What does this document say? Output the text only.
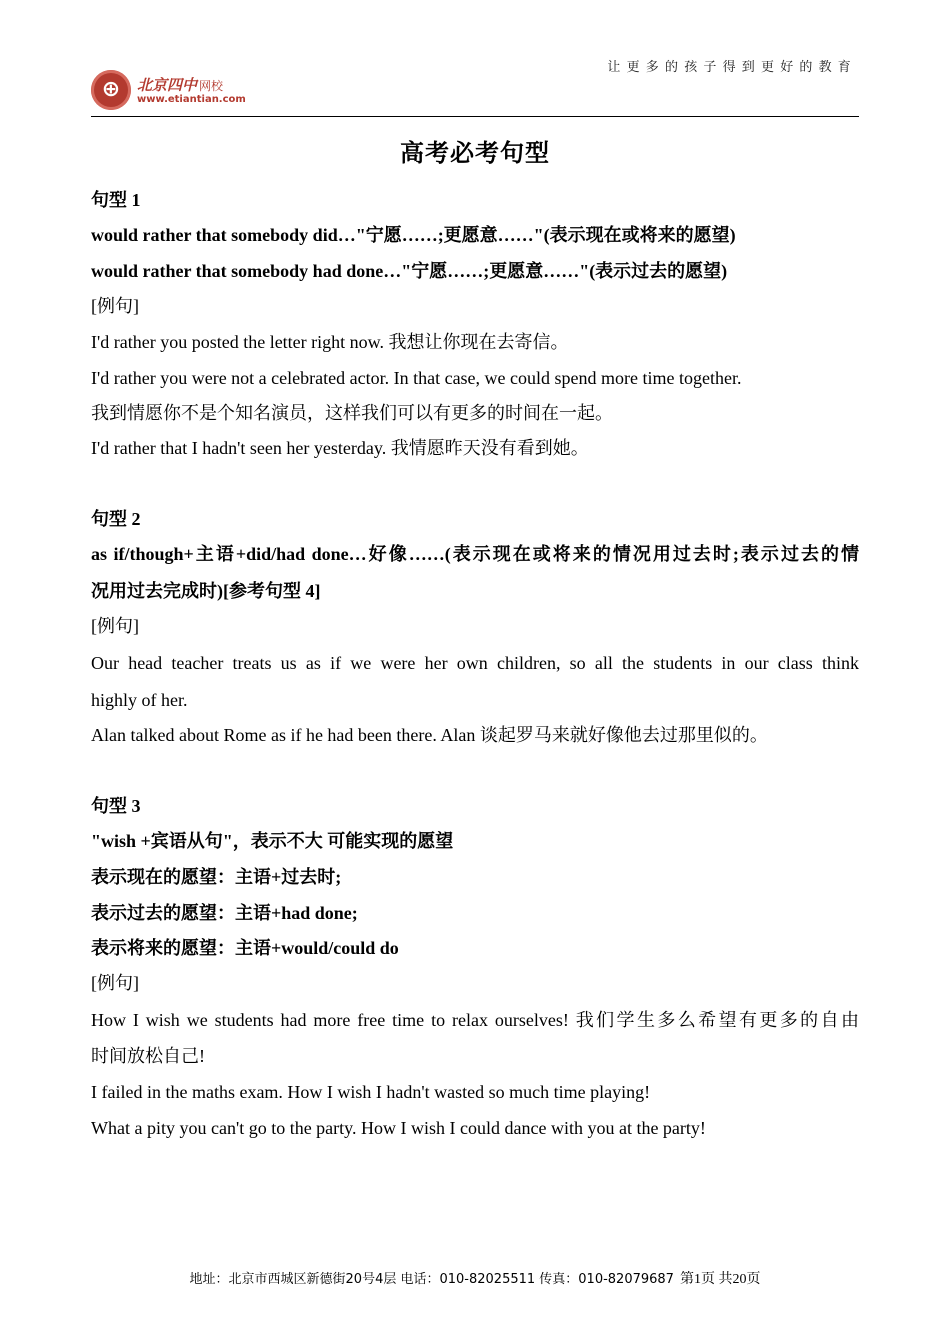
⊕	北京四中 网校
www.etiantian.com
让更多的孩子得到更好的教育
高考必考句型
句型 1
would rather that somebody did…"宁愿……;更愿意……"(表示现在或将来的愿望)
would rather that somebody had done…"宁愿……;更愿意……"(表示过去的愿望)
[例句]
I'd rather you posted the letter right now. 我想让你现在去寄信。
I'd rather you were not a celebrated actor. In that case, we could spend more time together.
我到情愿你不是个知名演员，这样我们可以有更多的时间在一起。
I'd rather that I hadn't seen her yesterday. 我情愿昨天没有看到她。
句型 2
as if/though+主语+did/had done…好像……(表示现在或将来的情况用过去时;表示过去的情
况用过去完成时)[参考句型 4]
[例句]
Our head teacher treats us as if we were her own children, so all the students in our class think
highly of her.
Alan talked about Rome as if he had been there. Alan 谈起罗马来就好像他去过那里似的。
句型 3
"wish +宾语从句"，表示不大 可能实现的愿望
表示现在的愿望：主语+过去时;
表示过去的愿望：主语+had done;
表示将来的愿望：主语+would/could do
[例句]
How I wish we students had more free time to relax ourselves! 我们学生多么希望有更多的自由
时间放松自己!
I failed in the maths exam. How I wish I hadn't wasted so much time playing!
What a pity you can't go to the party. How I wish I could dance with you at the party!
地址：北京市西城区新德街20号4层 电话：010-82025511 传真：010-82079687 第1页 共20页
